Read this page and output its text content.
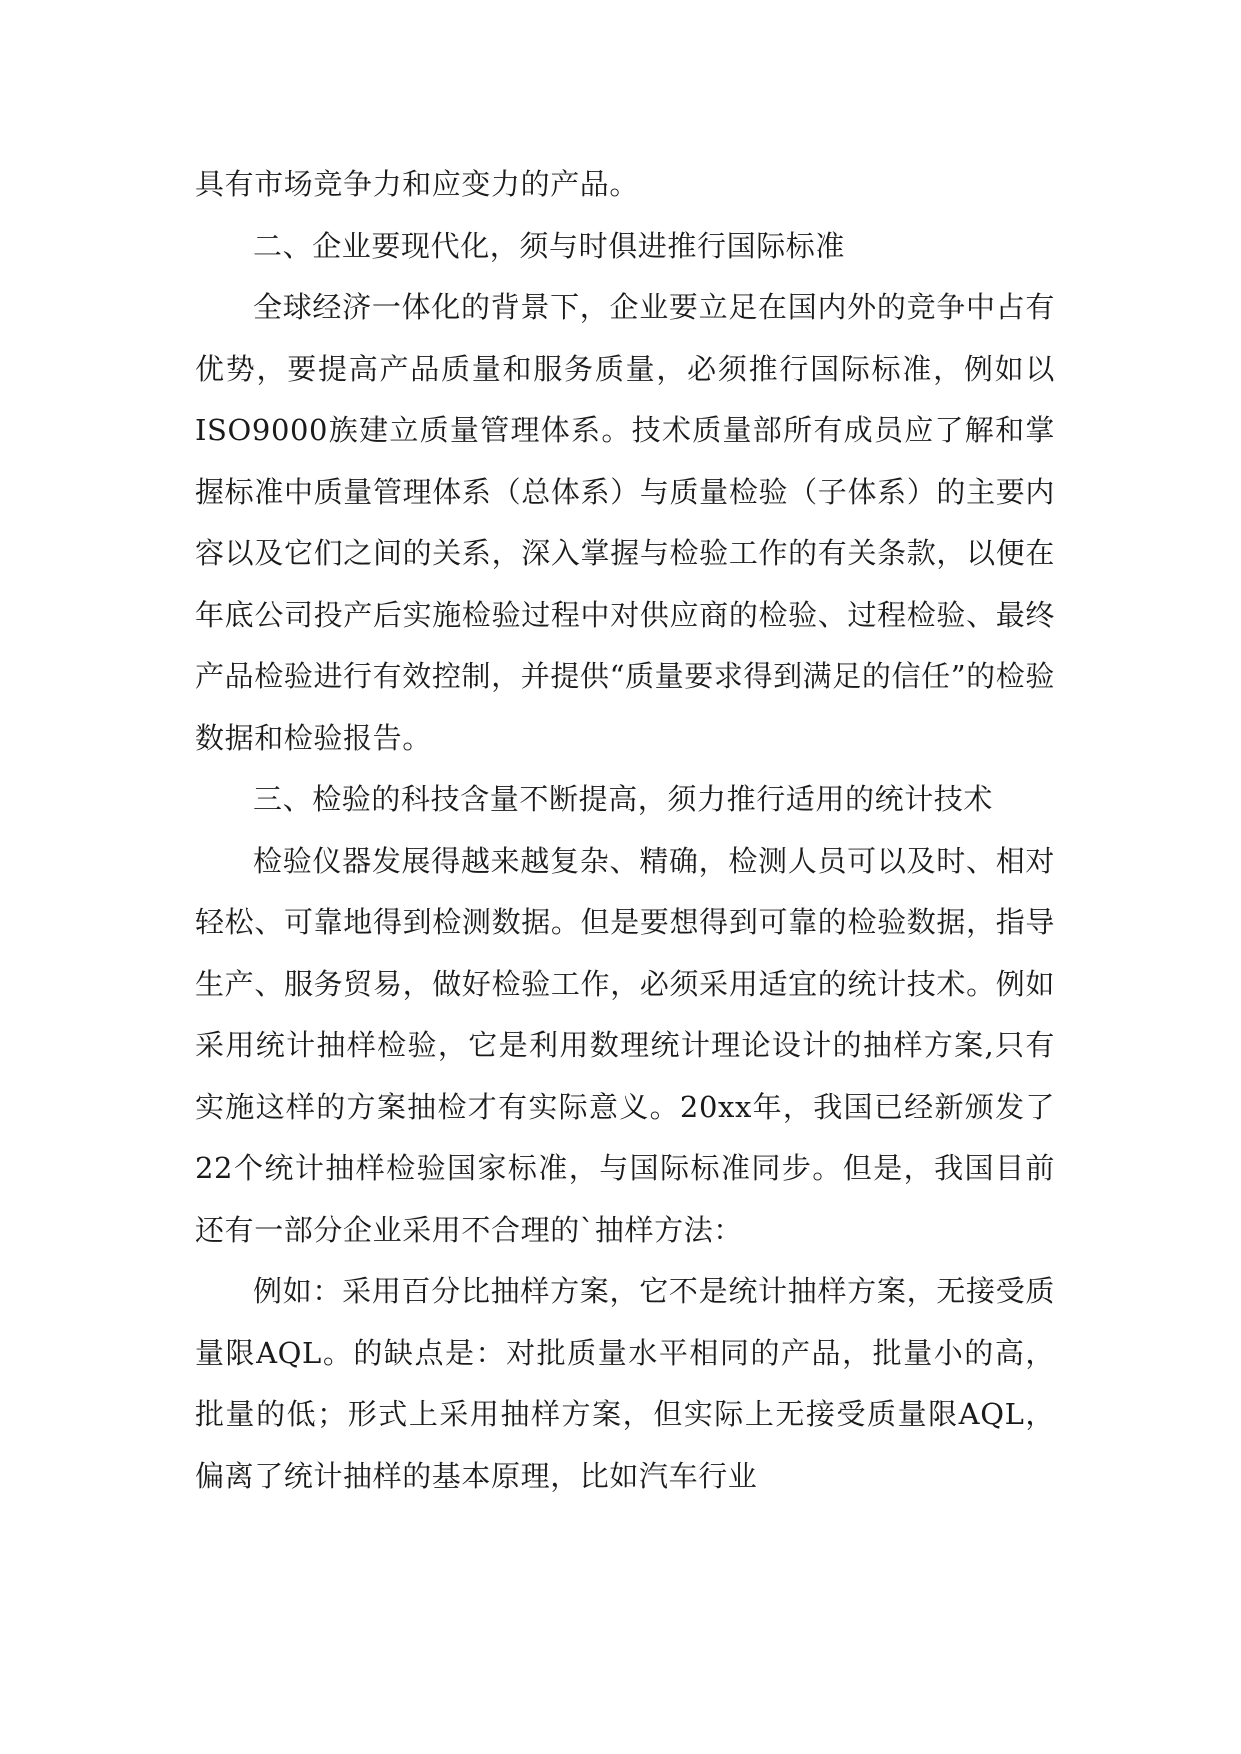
具有市场竞争力和应变力的产品。

二、企业要现代化，须与时俱进推行国际标准

全球经济一体化的背景下，企业要立足在国内外的竞争中占有优势，要提高产品质量和服务质量，必须推行国际标准，例如以ISO9000族建立质量管理体系。技术质量部所有成员应了解和掌握标准中质量管理体系（总体系）与质量检验（子体系）的主要内容以及它们之间的关系，深入掌握与检验工作的有关条款，以便在年底公司投产后实施检验过程中对供应商的检验、过程检验、最终产品检验进行有效控制，并提供“质量要求得到满足的信任”的检验数据和检验报告。

三、检验的科技含量不断提高，须力推行适用的统计技术

检验仪器发展得越来越复杂、精确，检测人员可以及时、相对轻松、可靠地得到检测数据。但是要想得到可靠的检验数据，指导生产、服务贸易，做好检验工作，必须采用适宜的统计技术。例如采用统计抽样检验，它是利用数理统计理论设计的抽样方案,只有实施这样的方案抽检才有实际意义。20xx年，我国已经新颁发了22个统计抽样检验国家标准，与国际标准同步。但是，我国目前还有一部分企业采用不合理的`抽样方法：

例如：采用百分比抽样方案，它不是统计抽样方案，无接受质量限AQL。的缺点是：对批质量水平相同的产品，批量小的高，批量的低；形式上采用抽样方案，但实际上无接受质量限AQL，偏离了统计抽样的基本原理，比如汽车行业
